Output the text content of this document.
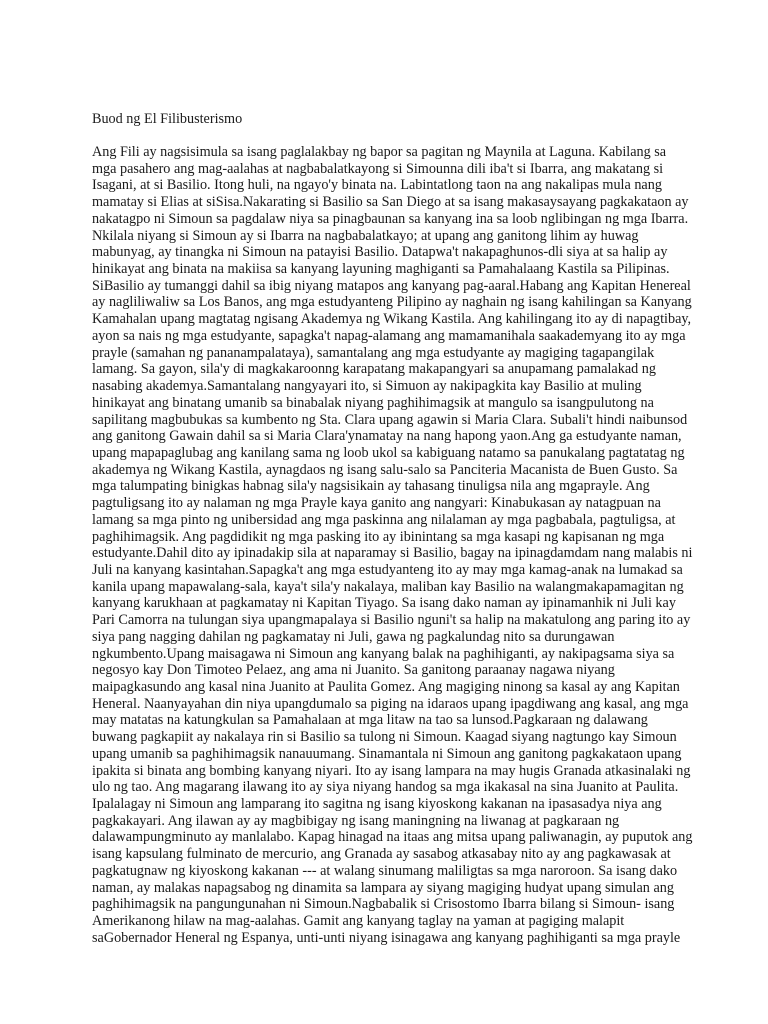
Buod ng El Filibusterismo
Ang Fili ay nagsisimula sa isang paglalakbay ng bapor sa pagitan ng Maynila at Laguna. Kabilang sa
mga pasahero ang mag-aalahas at nagbabalatkayong si Simounna dili iba't si Ibarra, ang makatang si
Isagani, at si Basilio. Itong huli, na ngayo'y binata na. Labintatlong taon na ang nakalipas mula nang
mamatay si Elias at siSisa.Nakarating si Basilio sa San Diego at sa isang makasaysayang pagkakataon ay
nakatagpo ni Simoun sa pagdalaw niya sa pinagbaunan sa kanyang ina sa loob nglibingan ng mga Ibarra.
Nkilala niyang si Simoun ay si Ibarra na nagbabalatkayo; at upang ang ganitong lihim ay huwag
mabunyag, ay tinangka ni Simoun na patayisi Basilio. Datapwa't nakapaghunos-dli siya at sa halip ay
hinikayat ang binata na makiisa sa kanyang layuning maghiganti sa Pamahalaang Kastila sa Pilipinas.
SiBasilio ay tumanggi dahil sa ibig niyang matapos ang kanyang pag-aaral.Habang ang Kapitan Henereal
ay nagliliwaliw sa Los Banos, ang mga estudyanteng Pilipino ay naghain ng isang kahilingan sa Kanyang
Kamahalan upang magtatag ngisang Akademya ng Wikang Kastila. Ang kahilingang ito ay di napagtibay,
ayon sa nais ng mga estudyante, sapagka't napag-alamang ang mamamanihala saakademyang ito ay mga
prayle (samahan ng pananampalataya), samantalang ang mga estudyante ay magiging tagapangilak
lamang. Sa gayon, sila'y di magkakaroonng karapatang makapangyari sa anupamang pamalakad ng
nasabing akademya.Samantalang nangyayari ito, si Simuon ay nakipagkita kay Basilio at muling
hinikayat ang binatang umanib sa binabalak niyang paghihimagsik at mangulo sa isangpulutong na
sapilitang magbubukas sa kumbento ng Sta. Clara upang agawin si Maria Clara. Subali't hindi naibunsod
ang ganitong Gawain dahil sa si Maria Clara'ynamatay na nang hapong yaon.Ang ga estudyante naman,
upang mapapaglubag ang kanilang sama ng loob ukol sa kabiguang natamo sa panukalang pagtatatag ng
akademya ng Wikang Kastila, aynagdaos ng isang salu-salo sa Panciteria Macanista de Buen Gusto. Sa
mga talumpating binigkas habnag sila'y nagsisikain ay tahasang tinuligsa nila ang mgaprayle. Ang
pagtuligsang ito ay nalaman ng mga Prayle kaya ganito ang nangyari: Kinabukasan ay natagpuan na
lamang sa mga pinto ng unibersidad ang mga paskinna ang nilalaman ay mga pagbabala, pagtuligsa, at
paghihimagsik. Ang pagdidikit ng mga pasking ito ay ibinintang sa mga kasapi ng kapisanan ng mga
estudyante.Dahil dito ay ipinadakip sila at naparamay si Basilio, bagay na ipinagdamdam nang malabis ni
Juli na kanyang kasintahan.Sapagka't ang mga estudyanteng ito ay may mga kamag-anak na lumakad sa
kanila upang mapawalang-sala, kaya't sila'y nakalaya, maliban kay Basilio na walangmakapamagitan ng
kanyang karukhaan at pagkamatay ni Kapitan Tiyago. Sa isang dako naman ay ipinamanhik ni Juli kay
Pari Camorra na tulungan siya upangmapalaya si Basilio nguni't sa halip na makatulong ang paring ito ay
siya pang nagging dahilan ng pagkamatay ni Juli, gawa ng pagkalundag nito sa durungawan
ngkumbento.Upang maisagawa ni Simoun ang kanyang balak na paghihiganti, ay nakipagsama siya sa
negosyo kay Don Timoteo Pelaez, ang ama ni Juanito. Sa ganitong paraanay nagawa niyang
maipagkasundo ang kasal nina Juanito at Paulita Gomez. Ang magiging ninong sa kasal ay ang Kapitan
Heneral. Naanyayahan din niya upangdumalo sa piging na idaraos upang ipagdiwang ang kasal, ang mga
may matatas na katungkulan sa Pamahalaan at mga litaw na tao sa lunsod.Pagkaraan ng dalawang
buwang pagkapiit ay nakalaya rin si Basilio sa tulong ni Simoun. Kaagad siyang nagtungo kay Simoun
upang umanib sa paghihimagsik nanauumang. Sinamantala ni Simoun ang ganitong pagkakataon upang
ipakita si binata ang bombing kanyang niyari. Ito ay isang lampara na may hugis Granada atkasinalaki ng
ulo ng tao. Ang magarang ilawang ito ay siya niyang handog sa mga ikakasal na sina Juanito at Paulita.
Ipalalagay ni Simoun ang lamparang ito sagitna ng isang kiyoskong kakanan na ipasasadya niya ang
pagkakayari. Ang ilawan ay ay magbibigay ng isang maningning na liwanag at pagkaraan ng
dalawampungminuto ay manlalabo. Kapag hinagad na itaas ang mitsa upang paliwanagin, ay puputok ang
isang kapsulang fulminato de mercurio, ang Granada ay sasabog atkasabay nito ay ang pagkawasak at
pagkatugnaw ng kiyoskong kakanan --- at walang sinumang maliligtas sa mga naroroon. Sa isang dako
naman, ay malakas napagsabog ng dinamita sa lampara ay siyang magiging hudyat upang simulan ang
paghihimagsik na pangungunahan ni Simoun.Nagbabalik si Crisostomo Ibarra bilang si Simoun- isang
Amerikanong hilaw na mag-aalahas. Gamit ang kanyang taglay na yaman at pagiging malapit
saGobernador Heneral ng Espanya, unti-unti niyang isinagawa ang kanyang paghihiganti sa mga prayle
